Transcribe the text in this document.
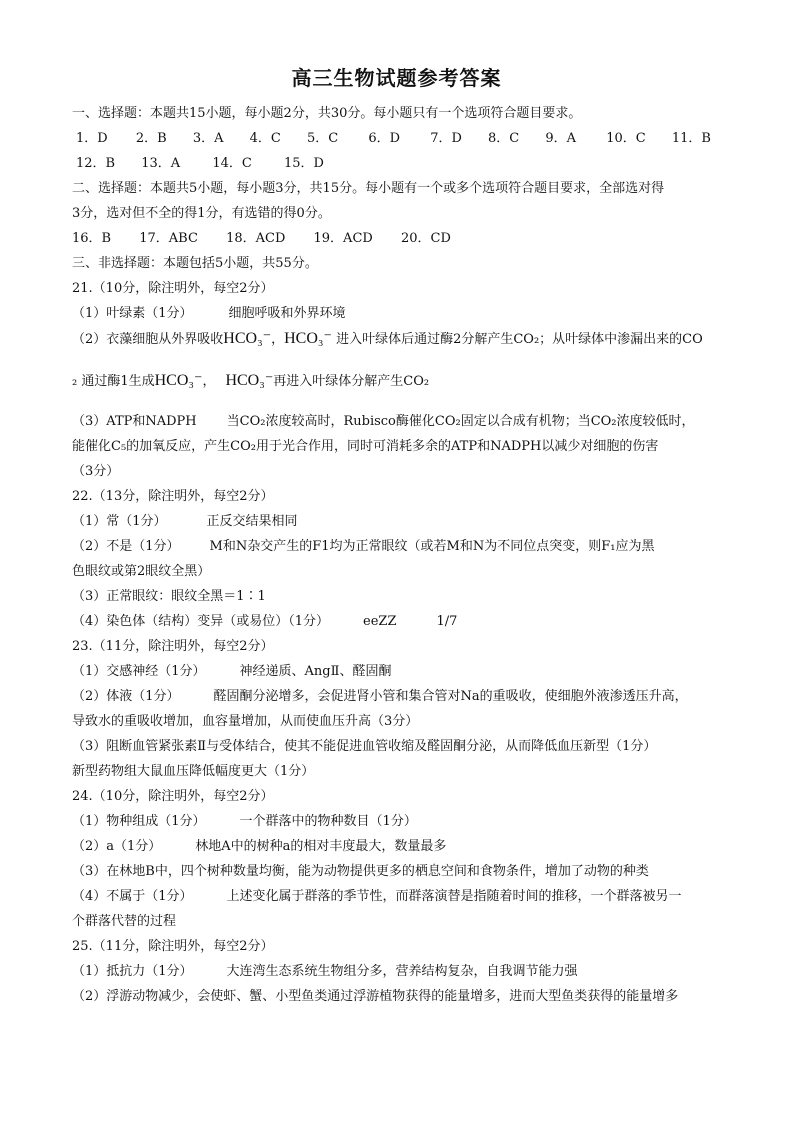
高三生物试题参考答案
一、选择题：本题共15小题，每小题2分，共30分。每小题只有一个选项符合题目要求。
1．D 2．B 3．A 4．C 5．C 6．D 7．D 8．C 9．A 10．C 11．B
12．B 13．A 14．C 15．D
二、选择题：本题共5小题，每小题3分，共15分。每小题有一个或多个选项符合题目要求，全部选对得
3分，选对但不全的得1分，有选错的得0分。
16．B 17．ABC 18．ACD 19．ACD 20．CD
三、非选择题：本题包括5小题，共55分。
21.（10分，除注明外，每空2分）
（1）叶绿素（1分）	细胞呼吸和外界环境
（2）衣藻细胞从外界吸收HCO₃⁻，HCO₃⁻ 进入叶绿体后通过酶2分解产生CO₂；从叶绿体中渗漏出来的CO
₂ 通过酶1生成HCO₃⁻， HCO₃⁻再进入叶绿体分解产生CO₂
（3）ATP和NADPH 当CO₂浓度较高时，Rubisco酶催化CO₂固定以合成有机物；当CO₂浓度较低时，
能催化C₅的加氧反应，产生CO₂用于光合作用，同时可消耗多余的ATP和NADPH以减少对细胞的伤害
（3分）
22.（13分，除注明外，每空2分）
（1）常（1分）	正反交结果相同
（2）不是（1分） M和N杂交产生的F1均为正常眼纹（或若M和N为不同位点突变，则F₁应为黑
色眼纹或第2眼纹全黑）
（3）正常眼纹：眼纹全黑＝1∶1
（4）染色体（结构）变异（或易位）（1分）	eeZZ	1/7
23.（11分，除注明外，每空2分）
（1）交感神经（1分）	神经递质、AngⅡ、醛固酮
（2）体液（1分）	醛固酮分泌增多，会促进肾小管和集合管对Na的重吸收，使细胞外液渗透压升高，
导致水的重吸收增加，血容量增加，从而使血压升高（3分）
（3）阻断血管紧张素Ⅱ与受体结合，使其不能促进血管收缩及醛固酮分泌，从而降低血压新型（1分）
新型药物组大鼠血压降低幅度更大（1分）
24.（10分，除注明外，每空2分）
（1）物种组成（1分）	一个群落中的物种数目（1分）
（2）a（1分）	林地A中的树种a的相对丰度最大，数量最多
（3）在林地B中，四个树种数量均衡，能为动物提供更多的栖息空间和食物条件，增加了动物的种类
（4）不属于（1分）	上述变化属于群落的季节性，而群落演替是指随着时间的推移，一个群落被另一
个群落代替的过程
25.（11分，除注明外，每空2分）
（1）抵抗力（1分）	大连湾生态系统生物组分多，营养结构复杂，自我调节能力强
（2）浮游动物减少，会使虾、蟹、小型鱼类通过浮游植物获得的能量增多，进而大型鱼类获得的能量增多
